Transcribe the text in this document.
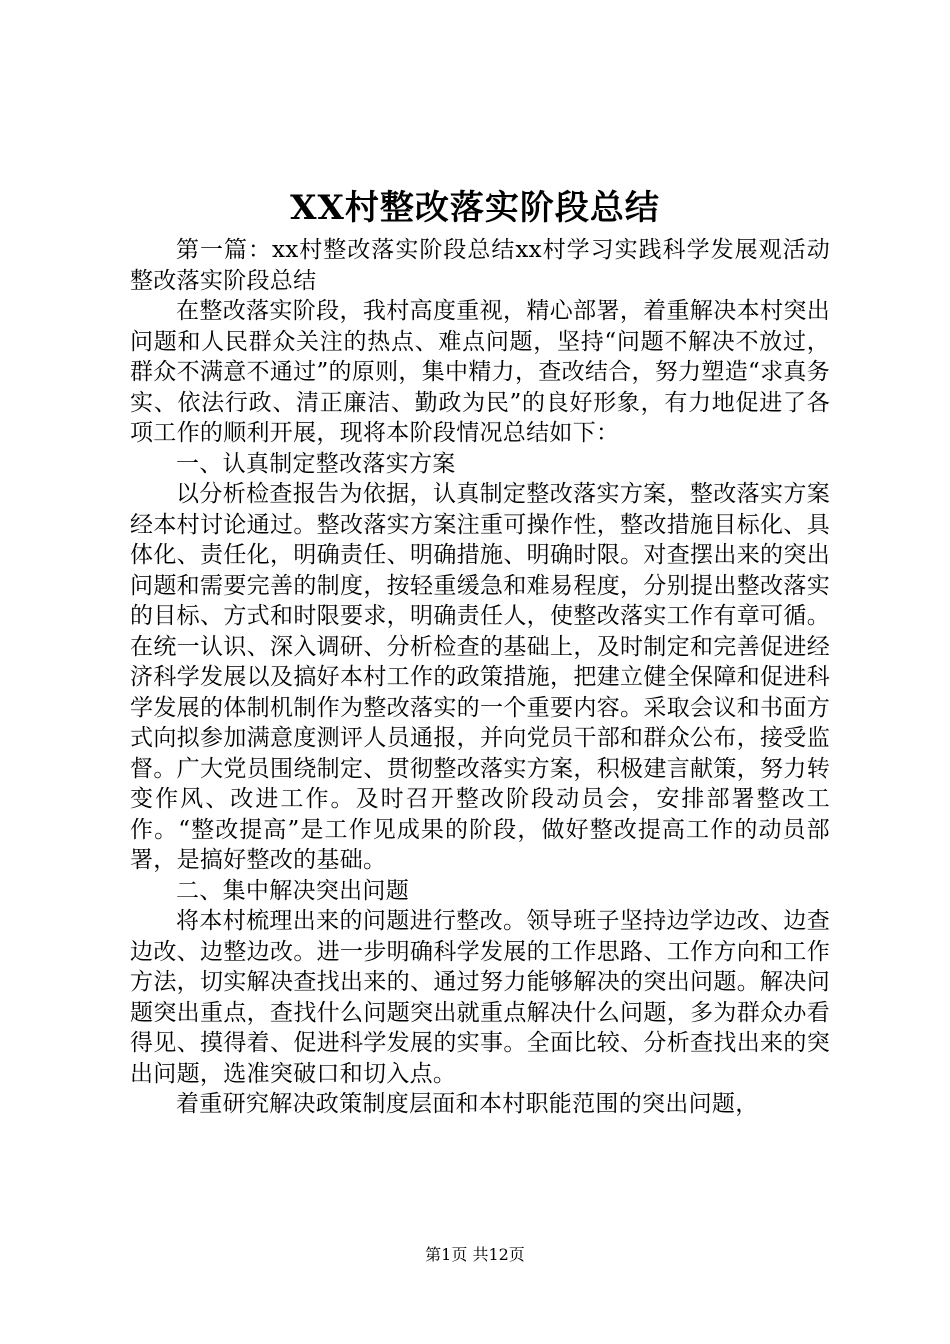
XX村整改落实阶段总结

第一篇：xx村整改落实阶段总结xx村学习实践科学发展观活动整改落实阶段总结

在整改落实阶段，我村高度重视，精心部署，着重解决本村突出问题和人民群众关注的热点、难点问题，坚持“问题不解决不放过，群众不满意不通过”的原则，集中精力，查改结合，努力塑造“求真务实、依法行政、清正廉洁、勤政为民”的良好形象，有力地促进了各项工作的顺利开展，现将本阶段情况总结如下：

一、认真制定整改落实方案

以分析检查报告为依据，认真制定整改落实方案，整改落实方案经本村讨论通过。整改落实方案注重可操作性，整改措施目标化、具体化、责任化，明确责任、明确措施、明确时限。对查摆出来的突出问题和需要完善的制度，按轻重缓急和难易程度，分别提出整改落实的目标、方式和时限要求，明确责任人，使整改落实工作有章可循。在统一认识、深入调研、分析检查的基础上，及时制定和完善促进经济科学发展以及搞好本村工作的政策措施，把建立健全保障和促进科学发展的体制机制作为整改落实的一个重要内容。采取会议和书面方式向拟参加满意度测评人员通报，并向党员干部和群众公布，接受监督。广大党员围绕制定、贯彻整改落实方案，积极建言献策，努力转变作风、改进工作。及时召开整改阶段动员会，安排部署整改工作。“整改提高”是工作见成果的阶段，做好整改提高工作的动员部署，是搞好整改的基础。

二、集中解决突出问题

将本村梳理出来的问题进行整改。领导班子坚持边学边改、边查边改、边整边改。进一步明确科学发展的工作思路、工作方向和工作方法，切实解决查找出来的、通过努力能够解决的突出问题。解决问题突出重点，查找什么问题突出就重点解决什么问题，多为群众办看得见、摸得着、促进科学发展的实事。全面比较、分析查找出来的突出问题，选准突破口和切入点。

着重研究解决政策制度层面和本村职能范围的突出问题，

第1页 共12页
